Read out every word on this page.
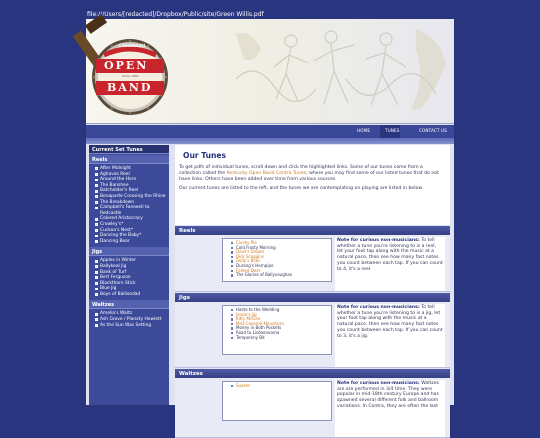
file:///Users/[redacted]/Dropbox/Public/site/Green Willis.pdf
Cincinnati
OPEN
Since 1982
BAND
HOME	TUNES	CONTACT US
Current Set Tunes
Reels
After Midnight
Aghavas Reel
Around the Horn
The Banshee
Batchelder's Reel
Bonaparte Crossing the Rhine
The Breakdown
Campbell's Farewell to Redcastle
Colored Aristocracy
Crowley's*
Cuckoo's Nest*
Dancing the Baby*
Dancing Bear
Jigs
Apples in Winter
Ballykeal Jig
Bank of Turf
Bert Ferguson
Blackthorn Stick
Blue Jig
Boys of Ballisodad
Waltzes
Amelia's Waltz
Ash Grove / Planxty Hewlett
As the Sun Was Setting
Our Tunes

To get pdfs of individual tunes, scroll down and click the highlighted links. Some of our tunes come from a collection called the Kentucky Open Band Contra Tunes; where you may find some of our listed tunes that do not have links. Others have been added over time from various sources.

Our current tunes are listed to the left, and the tunes we are contemplating on playing are listed in below.

Reels
Clunky Pie
Cold Frosty Morning
Devil's Dream
Dick Scoggins
Dolly's Brae
Durang's Hornpipe
Forked Deer
The Glories of Ballyvaughan
Note for curious non-musicians: To tell whether a tune you're listening to is a reel, let your foot tap along with the music at a natural pace, then see how many fast notes you count between each tap. If you can count to 4, it's a reel.
Jigs
Haste to the Wedding
Jessie's Jig
Kitty McGee
Mist-Covered Mountains
Money in Both Pockets
Road to Lisdoonvarna
Temperony Bit
Note for curious non-musicians: To tell whether a tune you're listening to is a jig, let your foot tap along with the music at a natural pace, then see how many fast notes you count between each tap. If you can count to 3, it's a jig.
Waltzes
Sueste	Note for curious non-musicians: Waltzes are are performed in 3/4 time. They were popular in mid-18th century Europe and has spawned several different folk and ballroom variations. In Contra, they are often the last
